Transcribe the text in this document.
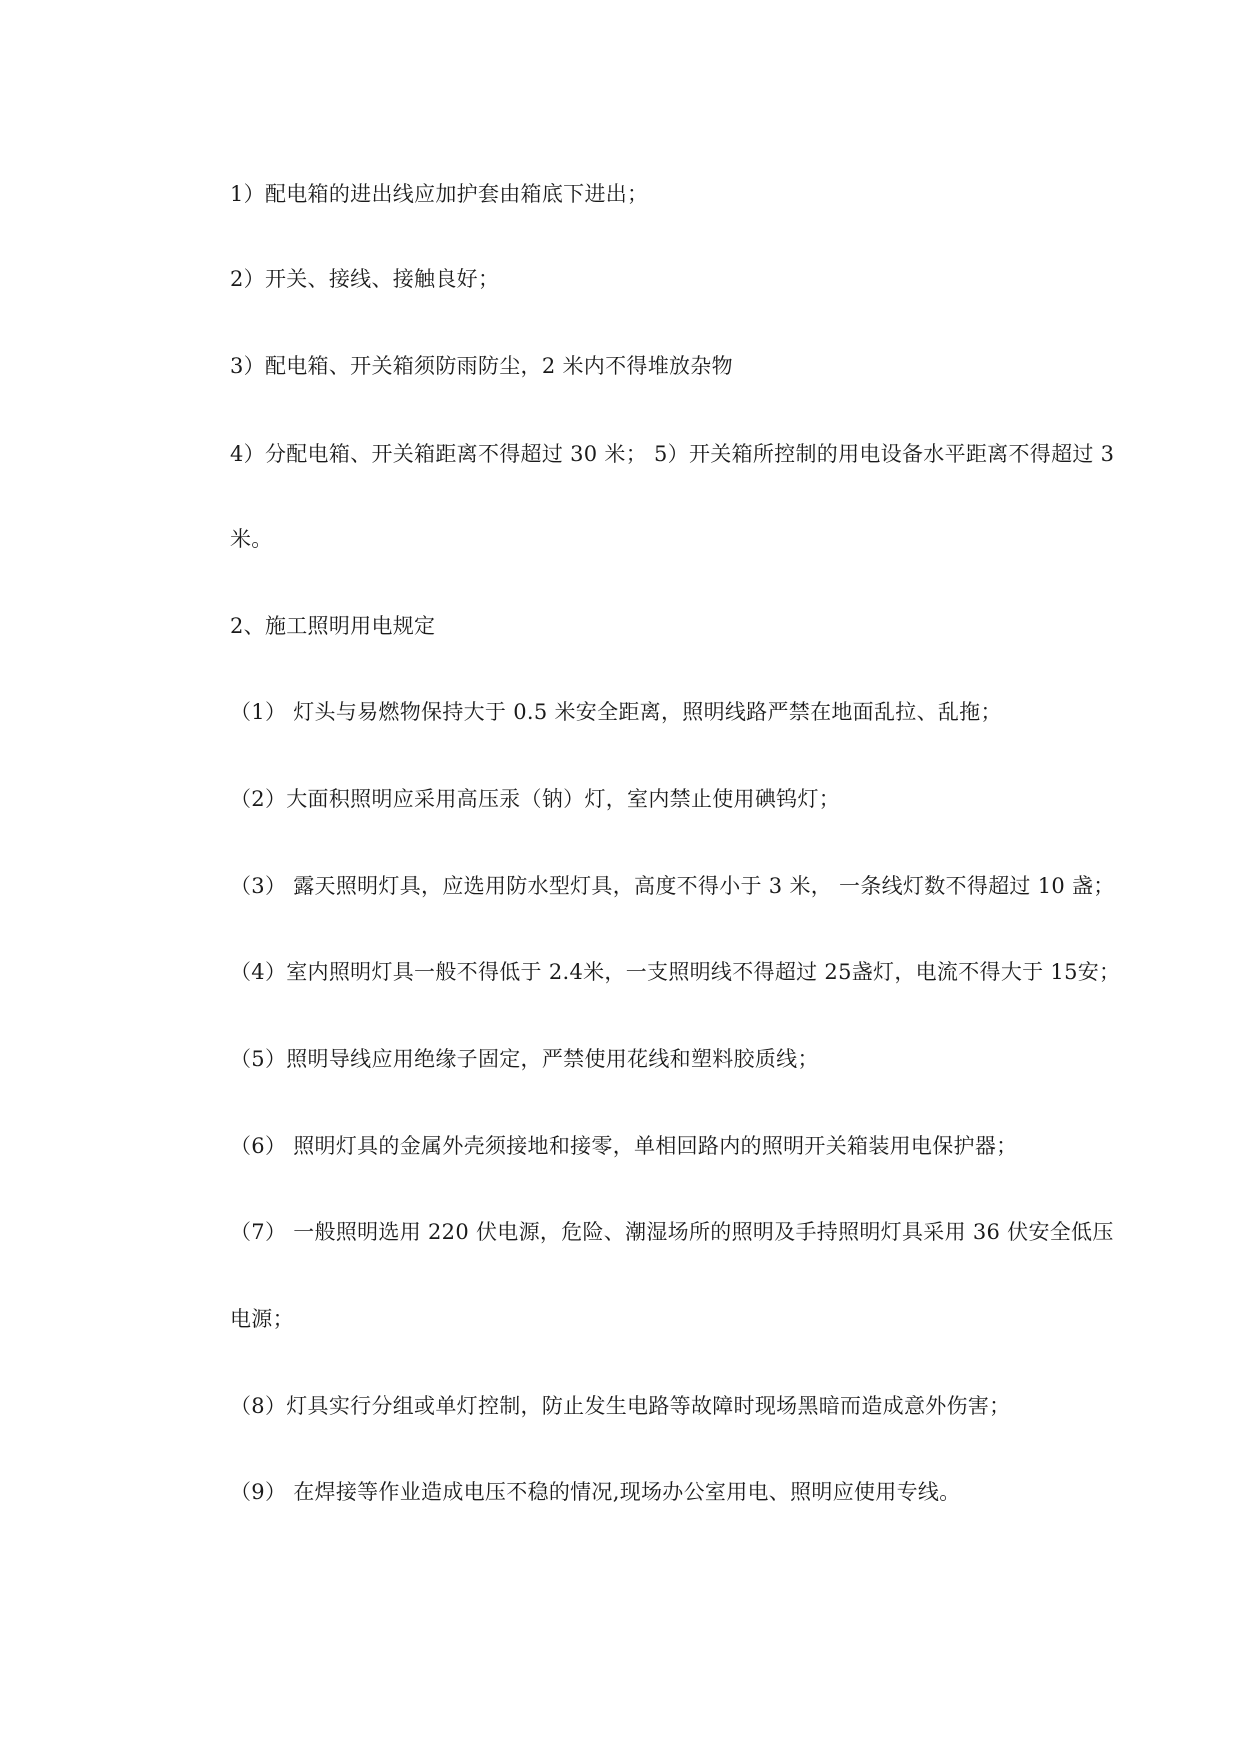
1）配电箱的进出线应加护套由箱底下进出；
2）开关、接线、接触良好；
3）配电箱、开关箱须防雨防尘，2 米内不得堆放杂物
4）分配电箱、开关箱距离不得超过 30 米； 5）开关箱所控制的用电设备水平距离不得超过 3
米。
2、施工照明用电规定
（1） 灯头与易燃物保持大于 0.5 米安全距离，照明线路严禁在地面乱拉、乱拖；
（2）大面积照明应采用高压汞（钠）灯，室内禁止使用碘钨灯；
（3） 露天照明灯具，应选用防水型灯具，高度不得小于 3 米， 一条线灯数不得超过 10 盏；
（4）室内照明灯具一般不得低于 2.4米，一支照明线不得超过 25盏灯，电流不得大于 15安；
（5）照明导线应用绝缘子固定，严禁使用花线和塑料胶质线；
（6） 照明灯具的金属外壳须接地和接零，单相回路内的照明开关箱装用电保护器；
（7） 一般照明选用 220 伏电源，危险、潮湿场所的照明及手持照明灯具采用 36 伏安全低压
电源；
（8）灯具实行分组或单灯控制，防止发生电路等故障时现场黑暗而造成意外伤害；
（9） 在焊接等作业造成电压不稳的情况,现场办公室用电、照明应使用专线。
